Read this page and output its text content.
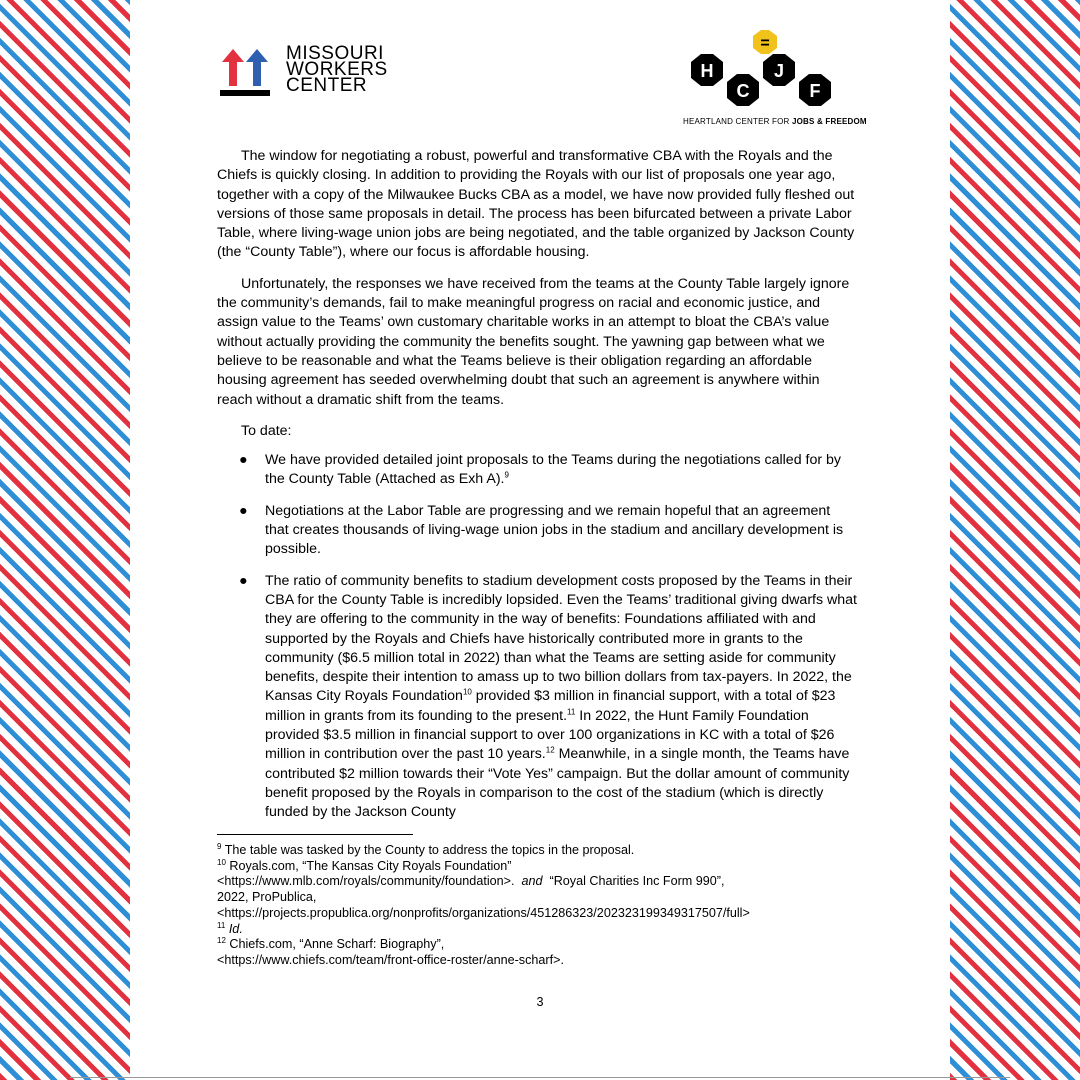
MISSOURI
WORKERS
CENTER
=
H
C
J
F
HEARTLAND CENTER FOR JOBS & FREEDOM

The window for negotiating a robust, powerful and transformative CBA with the Royals and the Chiefs is quickly closing. In addition to providing the Royals with our list of proposals one year ago, together with a copy of the Milwaukee Bucks CBA as a model, we have now provided fully fleshed out versions of those same proposals in detail. The process has been bifurcated between a private Labor Table, where living-wage union jobs are being negotiated, and the table organized by Jackson County (the “County Table”), where our focus is affordable housing.

Unfortunately, the responses we have received from the teams at the County Table largely ignore the community’s demands, fail to make meaningful progress on racial and economic justice, and assign value to the Teams’ own customary charitable works in an attempt to bloat the CBA’s value without actually providing the community the benefits sought. The yawning gap between what we believe to be reasonable and what the Teams believe is their obligation regarding an affordable housing agreement has seeded overwhelming doubt that such an agreement is anywhere within reach without a dramatic shift from the teams.

To date:

● We have provided detailed joint proposals to the Teams during the negotiations called for by the County Table (Attached as Exh A).$^9$
● Negotiations at the Labor Table are progressing and we remain hopeful that an agreement that creates thousands of living-wage union jobs in the stadium and ancillary development is possible.
● The ratio of community benefits to stadium development costs proposed by the Teams in their CBA for the County Table is incredibly lopsided. Even the Teams’ traditional giving dwarfs what they are offering to the community in the way of benefits: Foundations affiliated with and supported by the Royals and Chiefs have historically contributed more in grants to the community ($6.5 million total in 2022) than what the Teams are setting aside for community benefits, despite their intention to amass up to two billion dollars from tax-payers. In 2022, the Kansas City Royals Foundation$^{10}$ provided $3 million in financial support, with a total of $23 million in grants from its founding to the present.$^{11}$ In 2022, the Hunt Family Foundation provided $3.5 million in financial support to over 100 organizations in KC with a total of $26 million in contribution over the past 10 years.$^{12}$ Meanwhile, in a single month, the Teams have contributed $2 million towards their “Vote Yes” campaign. But the dollar amount of community benefit proposed by the Royals in comparison to the cost of the stadium (which is directly funded by the Jackson County
$^9$ The table was tasked by the County to address the topics in the proposal.
$^{10}$ Royals.com, “The Kansas City Royals Foundation”
<https://www.mlb.com/royals/community/foundation>.  and  “Royal Charities Inc Form 990”,
2022, ProPublica,
<https://projects.propublica.org/nonprofits/organizations/451286323/202323199349317507/full>
$^{11}$ Id.
$^{12}$ Chiefs.com, “Anne Scharf: Biography”,
<https://www.chiefs.com/team/front-office-roster/anne-scharf>.
3
